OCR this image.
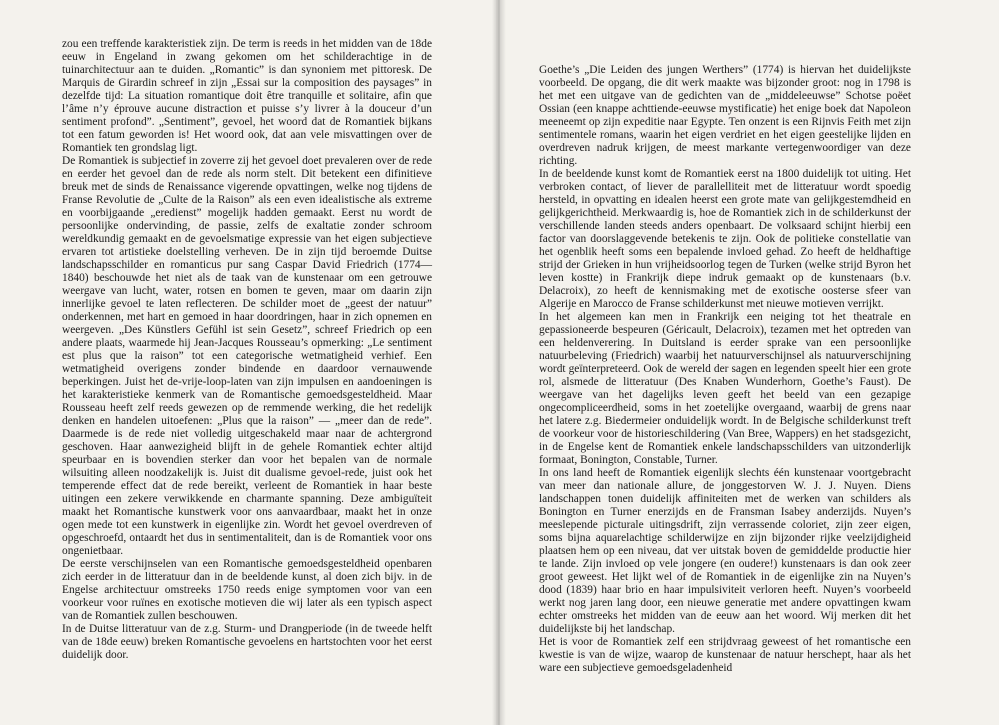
zou een treffende karakteristiek zijn. De term is reeds in het midden van de 18de eeuw in Engeland in zwang gekomen om het schilderachtige in de tuinarchitectuur aan te duiden. „Romantic” is dan synoniem met pittoresk. De Marquis de Girardin schreef in zijn „Essai sur la composition des paysages” in dezelfde tijd: La situation romantique doit être tranquille et solitaire, afin que l’âme n’y éprouve aucune distraction et puisse s’y livrer à la douceur d’un sentiment profond”. „Sentiment”, gevoel, het woord dat de Romantiek bijkans tot een fatum geworden is! Het woord ook, dat aan vele misvattingen over de Romantiek ten grondslag ligt.

De Romantiek is subjectief in zoverre zij het gevoel doet prevaleren over de rede en eerder het gevoel dan de rede als norm stelt. Dit betekent een difinitieve breuk met de sinds de Renaissance vigerende opvattingen, welke nog tijdens de Franse Revolutie de „Culte de la Raison” als een even idealistische als extreme en voorbijgaande „eredienst” mogelijk hadden gemaakt. Eerst nu wordt de persoonlijke ondervinding, de passie, zelfs de exaltatie zonder schroom wereldkundig gemaakt en de gevoelsmatige expressie van het eigen subjectieve ervaren tot artistieke doelstelling verheven. De in zijn tijd beroemde Duitse landschapsschilder en romanticus pur sang Caspar David Friedrich (1774—1840) beschouwde het niet als de taak van de kunstenaar om een getrouwe weergave van lucht, water, rotsen en bomen te geven, maar om daarin zijn innerlijke gevoel te laten reflecteren. De schilder moet de „geest der natuur” onderkennen, met hart en gemoed in haar doordringen, haar in zich opnemen en weergeven. „Des Künstlers Gefühl ist sein Gesetz”, schreef Friedrich op een andere plaats, waarmede hij Jean-Jacques Rousseau’s opmerking: „Le sentiment est plus que la raison” tot een categorische wetmatigheid verhief. Een wetmatigheid overigens zonder bindende en daardoor vernauwende beperkingen. Juist het de-vrije-loop-laten van zijn impulsen en aandoeningen is het karakteristieke kenmerk van de Romantische gemoedsgesteldheid. Maar Rousseau heeft zelf reeds gewezen op de remmende werking, die het redelijk denken en handelen uitoefenen: „Plus que la raison” — „meer dan de rede”. Daarmede is de rede niet volledig uitgeschakeld maar naar de achtergrond geschoven. Haar aanwezigheid blijft in de gehele Romantiek echter altijd speurbaar en is bovendien sterker dan voor het bepalen van de normale wilsuiting alleen noodzakelijk is. Juist dit dualisme gevoel-rede, juist ook het temperende effect dat de rede bereikt, verleent de Romantiek in haar beste uitingen een zekere verwikkende en charmante spanning. Deze ambiguïteit maakt het Romantische kunstwerk voor ons aanvaardbaar, maakt het in onze ogen mede tot een kunstwerk in eigenlijke zin. Wordt het gevoel overdreven of opgeschroefd, ontaardt het dus in sentimentaliteit, dan is de Romantiek voor ons ongenietbaar.

De eerste verschijnselen van een Romantische gemoedsgesteldheid openbaren zich eerder in de litteratuur dan in de beeldende kunst, al doen zich bijv. in de Engelse architectuur omstreeks 1750 reeds enige symptomen voor van een voorkeur voor ruïnes en exotische motieven die wij later als een typisch aspect van de Romantiek zullen beschouwen.

In de Duitse litteratuur van de z.g. Sturm- und Drangperiode (in de tweede helft van de 18de eeuw) breken Romantische gevoelens en hartstochten voor het eerst duidelijk door.

Goethe’s „Die Leiden des jungen Werthers” (1774) is hiervan het duidelijkste voorbeeld. De opgang, die dit werk maakte was bijzonder groot: nog in 1798 is het met een uitgave van de gedichten van de „middeleeuwse” Schotse poëet Ossian (een knappe achttiende-eeuwse mystificatie) het enige boek dat Napoleon meeneemt op zijn expeditie naar Egypte. Ten onzent is een Rijnvis Feith met zijn sentimentele romans, waarin het eigen verdriet en het eigen geestelijke lijden en overdreven nadruk krijgen, de meest markante vertegenwoordiger van deze richting.

In de beeldende kunst komt de Romantiek eerst na 1800 duidelijk tot uiting. Het verbroken contact, of liever de parallelliteit met de litteratuur wordt spoedig hersteld, in opvatting en idealen heerst een grote mate van gelijkgestemdheid en gelijkgerichtheid. Merkwaardig is, hoe de Romantiek zich in de schilderkunst der verschillende landen steeds anders openbaart. De volksaard schijnt hierbij een factor van doorslaggevende betekenis te zijn. Ook de politieke constellatie van het ogenblik heeft soms een bepalende invloed gehad. Zo heeft de heldhaftige strijd der Grieken in hun vrijheidsoorlog tegen de Turken (welke strijd Byron het leven kostte) in Frankrijk diepe indruk gemaakt op de kunstenaars (b.v. Delacroix), zo heeft de kennismaking met de exotische oosterse sfeer van Algerije en Marocco de Franse schilderkunst met nieuwe motieven verrijkt.

In het algemeen kan men in Frankrijk een neiging tot het theatrale en gepassioneerde bespeuren (Géricault, Delacroix), tezamen met het optreden van een heldenverering. In Duitsland is eerder sprake van een persoonlijke natuurbeleving (Friedrich) waarbij het natuurverschijnsel als natuurverschijning wordt geïnterpreteerd. Ook de wereld der sagen en legenden speelt hier een grote rol, alsmede de litteratuur (Des Knaben Wunderhorn, Goethe’s Faust). De weergave van het dagelijks leven geeft het beeld van een gezapige ongecompliceerdheid, soms in het zoetelijke overgaand, waarbij de grens naar het latere z.g. Biedermeier onduidelijk wordt. In de Belgische schilderkunst treft de voorkeur voor de historieschildering (Van Bree, Wappers) en het stadsgezicht, in de Engelse kent de Romantiek enkele landschapsschilders van uitzonderlijk formaat, Bonington, Constable, Turner.

In ons land heeft de Romantiek eigenlijk slechts één kunstenaar voortgebracht van meer dan nationale allure, de jonggestorven W. J. J. Nuyen. Diens landschappen tonen duidelijk affiniteiten met de werken van schilders als Bonington en Turner enerzijds en de Fransman Isabey anderzijds. Nuyen’s meeslepende picturale uitingsdrift, zijn verrassende coloriet, zijn zeer eigen, soms bijna aquarelachtige schilderwijze en zijn bijzonder rijke veelzijdigheid plaatsen hem op een niveau, dat ver uitstak boven de gemiddelde productie hier te lande. Zijn invloed op vele jongere (en oudere!) kunstenaars is dan ook zeer groot geweest. Het lijkt wel of de Romantiek in de eigenlijke zin na Nuyen’s dood (1839) haar brio en haar impulsiviteit verloren heeft. Nuyen’s voorbeeld werkt nog jaren lang door, een nieuwe generatie met andere opvattingen kwam echter omstreeks het midden van de eeuw aan het woord. Wij merken dit het duidelijkste bij het landschap.

Het is voor de Romantiek zelf een strijdvraag geweest of het romantische een kwestie is van de wijze, waarop de kunstenaar de natuur herschept, haar als het ware een subjectieve gemoedsgeladenheid
